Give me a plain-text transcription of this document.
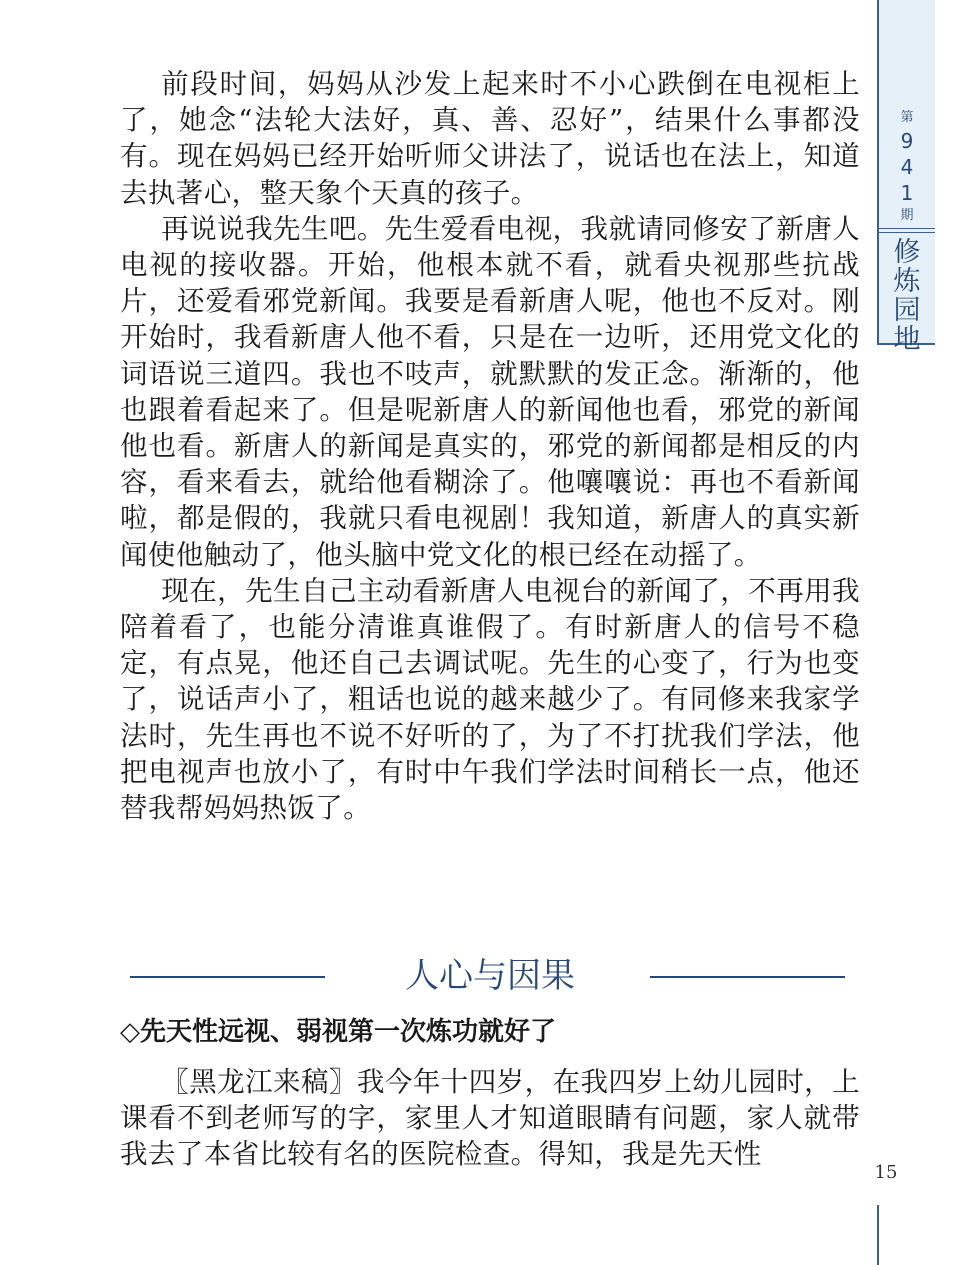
第
9
4
1
期
修
炼
园
地
15

前段时间，妈妈从沙发上起来时不小心跌倒在电视柜上了，她念“法轮大法好，真、善、忍好”，结果什么事都没有。现在妈妈已经开始听师父讲法了，说话也在法上，知道去执著心，整天象个天真的孩子。

再说说我先生吧。先生爱看电视，我就请同修安了新唐人电视的接收器。开始，他根本就不看，就看央视那些抗战片，还爱看邪党新闻。我要是看新唐人呢，他也不反对。刚开始时，我看新唐人他不看，只是在一边听，还用党文化的词语说三道四。我也不吱声，就默默的发正念。渐渐的，他也跟着看起来了。但是呢新唐人的新闻他也看，邪党的新闻他也看。新唐人的新闻是真实的，邪党的新闻都是相反的内容，看来看去，就给他看糊涂了。他嚷嚷说：再也不看新闻啦，都是假的，我就只看电视剧！我知道，新唐人的真实新闻使他触动了，他头脑中党文化的根已经在动摇了。

现在，先生自己主动看新唐人电视台的新闻了，不再用我陪着看了，也能分清谁真谁假了。有时新唐人的信号不稳定，有点晃，他还自己去调试呢。先生的心变了，行为也变了，说话声小了，粗话也说的越来越少了。有同修来我家学法时，先生再也不说不好听的了，为了不打扰我们学法，他把电视声也放小了，有时中午我们学法时间稍长一点，他还替我帮妈妈热饭了。

人心与因果
◇先天性远视、弱视第一次炼功就好了

〖黑龙江来稿〗我今年十四岁，在我四岁上幼儿园时，上课看不到老师写的字，家里人才知道眼睛有问题，家人就带我去了本省比较有名的医院检查。得知，我是先天性
